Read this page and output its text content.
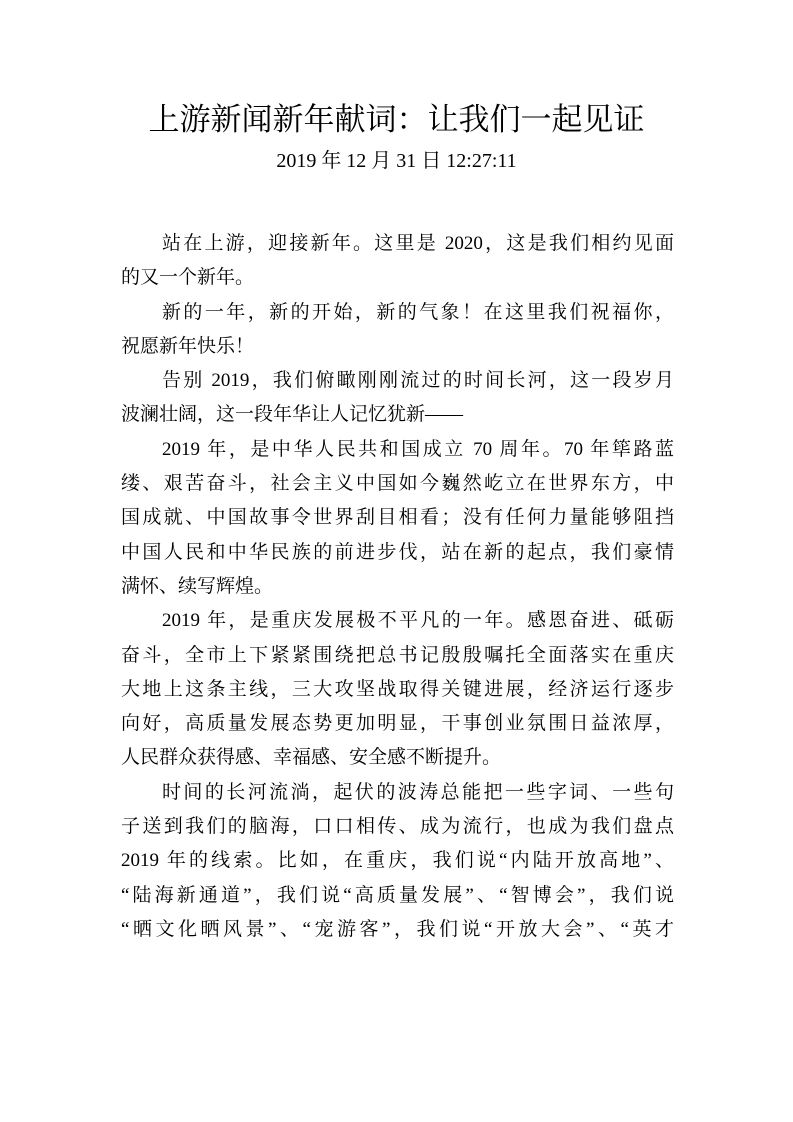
上游新闻新年献词：让我们一起见证
2019 年 12 月 31 日 12:27:11
站在上游，迎接新年。这里是 2020，这是我们相约见面
的又一个新年。
新的一年，新的开始，新的气象！在这里我们祝福你，
祝愿新年快乐！
告别 2019，我们俯瞰刚刚流过的时间长河，这一段岁月
波澜壮阔，这一段年华让人记忆犹新——
2019 年，是中华人民共和国成立 70 周年。70 年筚路蓝
缕、艰苦奋斗，社会主义中国如今巍然屹立在世界东方，中
国成就、中国故事令世界刮目相看；没有任何力量能够阻挡
中国人民和中华民族的前进步伐，站在新的起点，我们豪情
满怀、续写辉煌。
2019 年，是重庆发展极不平凡的一年。感恩奋进、砥砺
奋斗，全市上下紧紧围绕把总书记殷殷嘱托全面落实在重庆
大地上这条主线，三大攻坚战取得关键进展，经济运行逐步
向好，高质量发展态势更加明显，干事创业氛围日益浓厚，
人民群众获得感、幸福感、安全感不断提升。
时间的长河流淌，起伏的波涛总能把一些字词、一些句
子送到我们的脑海，口口相传、成为流行，也成为我们盘点
2019 年的线索。比如，在重庆，我们说“内陆开放高地”、
“陆海新通道”，我们说“高质量发展”、“智博会”，我们说
“晒文化晒风景”、“宠游客”，我们说“开放大会”、“英才
